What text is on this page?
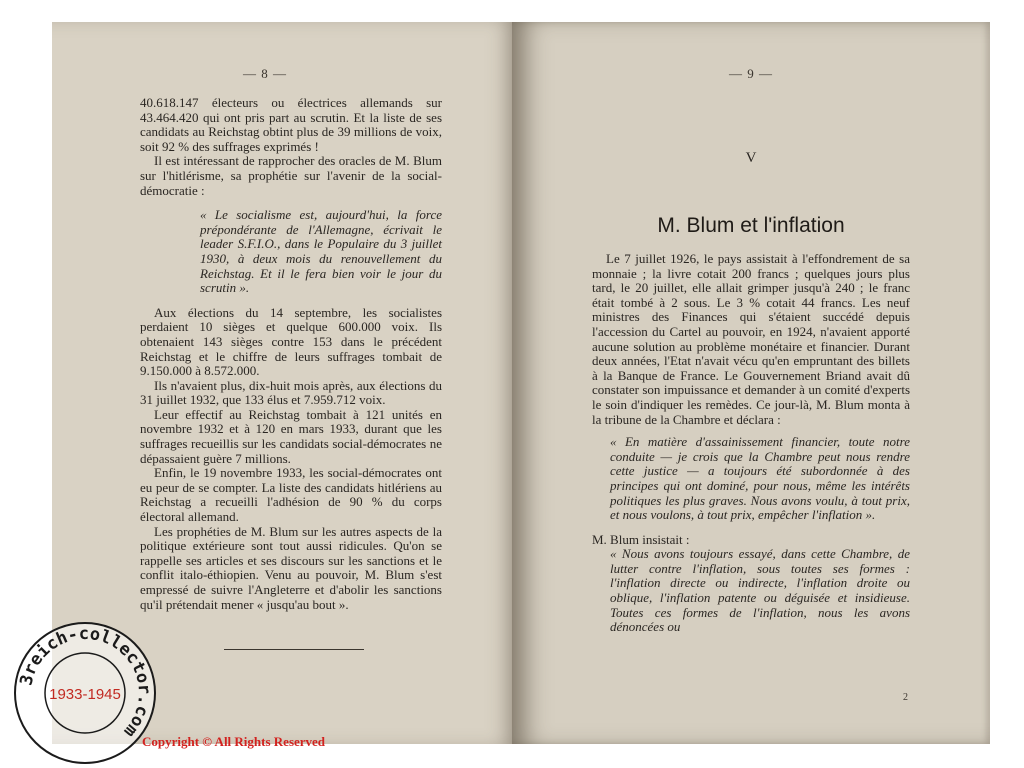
— 8 —

40.618.147 électeurs ou électrices allemands sur 43.464.420 qui ont pris part au scrutin. Et la liste de ses candidats au Reichstag obtint plus de 39 millions de voix, soit 92 % des suffrages exprimés !

Il est intéressant de rapprocher des oracles de M. Blum sur l'hitlérisme, sa prophétie sur l'avenir de la social-démocratie :

« Le socialisme est, aujourd'hui, la force prépondérante de l'Allemagne, écrivait le leader S.F.I.O., dans le Populaire du 3 juillet 1930, à deux mois du renouvellement du Reichstag. Et il le fera bien voir le jour du scrutin ».

Aux élections du 14 septembre, les socialistes perdaient 10 sièges et quelque 600.000 voix. Ils obtenaient 143 sièges contre 153 dans le précédent Reichstag et le chiffre de leurs suffrages tombait de 9.150.000 à 8.572.000.

Ils n'avaient plus, dix-huit mois après, aux élections du 31 juillet 1932, que 133 élus et 7.959.712 voix.

Leur effectif au Reichstag tombait à 121 unités en novembre 1932 et à 120 en mars 1933, durant que les suffrages recueillis sur les candidats social-démocrates ne dépassaient guère 7 millions.

Enfin, le 19 novembre 1933, les social-démocrates ont eu peur de se compter. La liste des candidats hitlériens au Reichstag a recueilli l'adhésion de 90 % du corps électoral allemand.

Les prophéties de M. Blum sur les autres aspects de la politique extérieure sont tout aussi ridicules. Qu'on se rappelle ses articles et ses discours sur les sanctions et le conflit italo-éthiopien. Venu au pouvoir, M. Blum s'est empressé de suivre l'Angleterre et d'abolir les sanctions qu'il prétendait mener « jusqu'au bout ».

— 9 —
V
M. Blum et l'inflation

Le 7 juillet 1926, le pays assistait à l'effondrement de sa monnaie ; la livre cotait 200 francs ; quelques jours plus tard, le 20 juillet, elle allait grimper jusqu'à 240 ; le franc était tombé à 2 sous. Le 3 % cotait 44 francs. Les neuf ministres des Finances qui s'étaient succédé depuis l'accession du Cartel au pouvoir, en 1924, n'avaient apporté aucune solution au problème monétaire et financier. Durant deux années, l'Etat n'avait vécu qu'en empruntant des billets à la Banque de France. Le Gouvernement Briand avait dû constater son impuissance et demander à un comité d'experts le soin d'indiquer les remèdes. Ce jour-là, M. Blum monta à la tribune de la Chambre et déclara :

« En matière d'assainissement financier, toute notre conduite — je crois que la Chambre peut nous rendre cette justice — a toujours été subordonnée à des principes qui ont dominé, pour nous, même les intérêts politiques les plus graves. Nous avons voulu, à tout prix, et nous voulons, à tout prix, empêcher l'inflation ».

M. Blum insistait :

« Nous avons toujours essayé, dans cette Chambre, de lutter contre l'inflation, sous toutes ses formes : l'inflation directe ou indirecte, l'inflation droite ou oblique, l'inflation patente ou déguisée et insidieuse. Toutes ces formes de l'inflation, nous les avons dénoncées ou

2
3reich-collector.com
1933-1945
Copyright © All Rights Reserved
